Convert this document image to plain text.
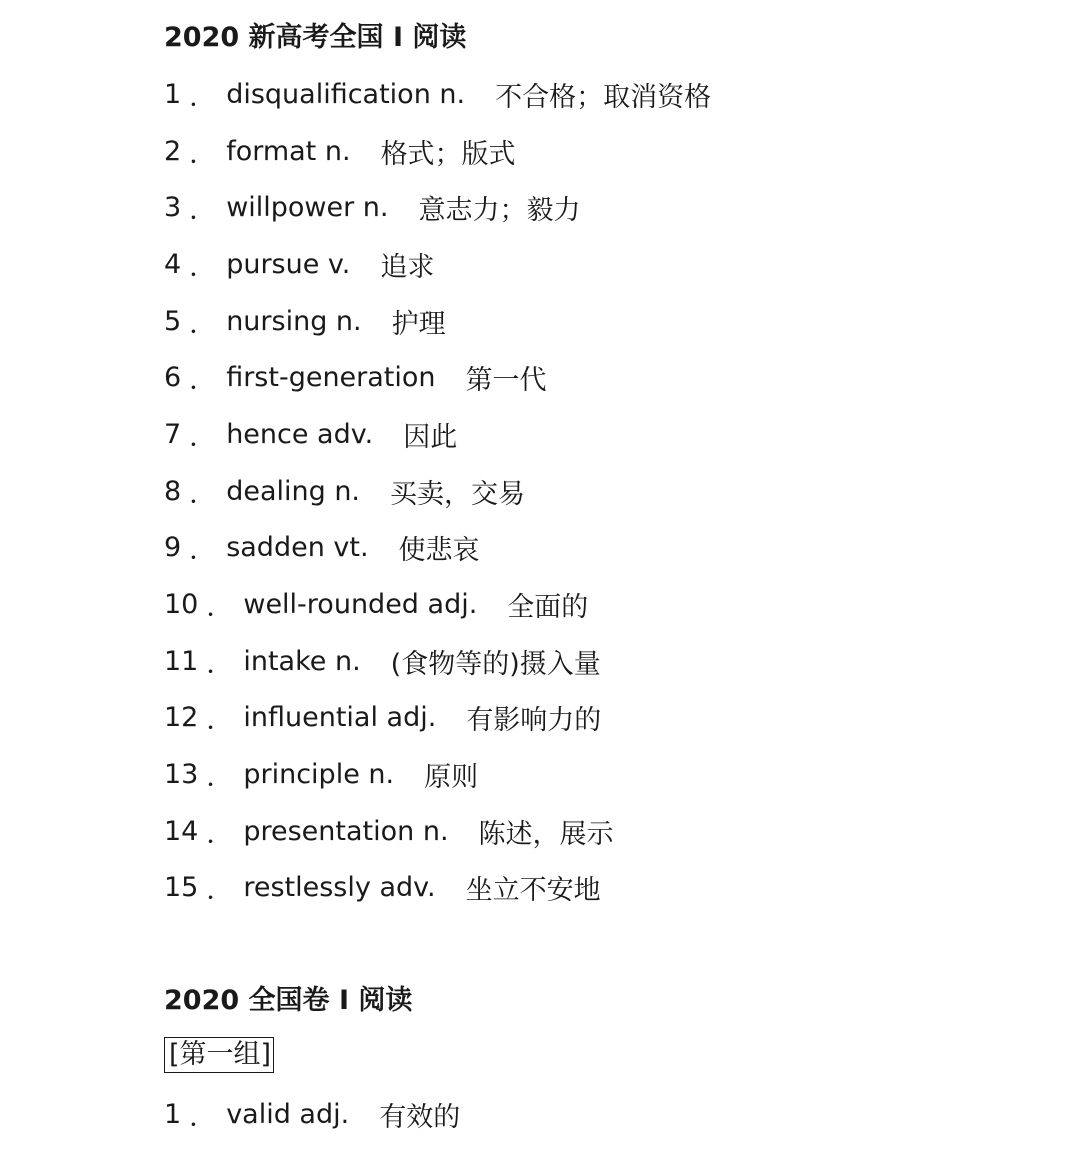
2020 新高考全国 I 阅读
1 ． disqualification n. 不合格；取消资格
2 ． format n. 格式；版式
3 ． willpower n. 意志力；毅力
4 ． pursue v. 追求
5 ． nursing n. 护理
6 ． first-generation 第一代
7 ． hence adv. 因此
8 ． dealing n. 买卖，交易
9 ． sadden vt. 使悲哀
10 ． well-rounded adj. 全面的
11 ． intake n. (食物等的)摄入量
12 ． influential adj. 有影响力的
13 ． principle n. 原则
14 ． presentation n. 陈述，展示
15 ． restlessly adv. 坐立不安地
2020 全国卷 I 阅读
[第一组]
1 ． valid adj. 有效的
